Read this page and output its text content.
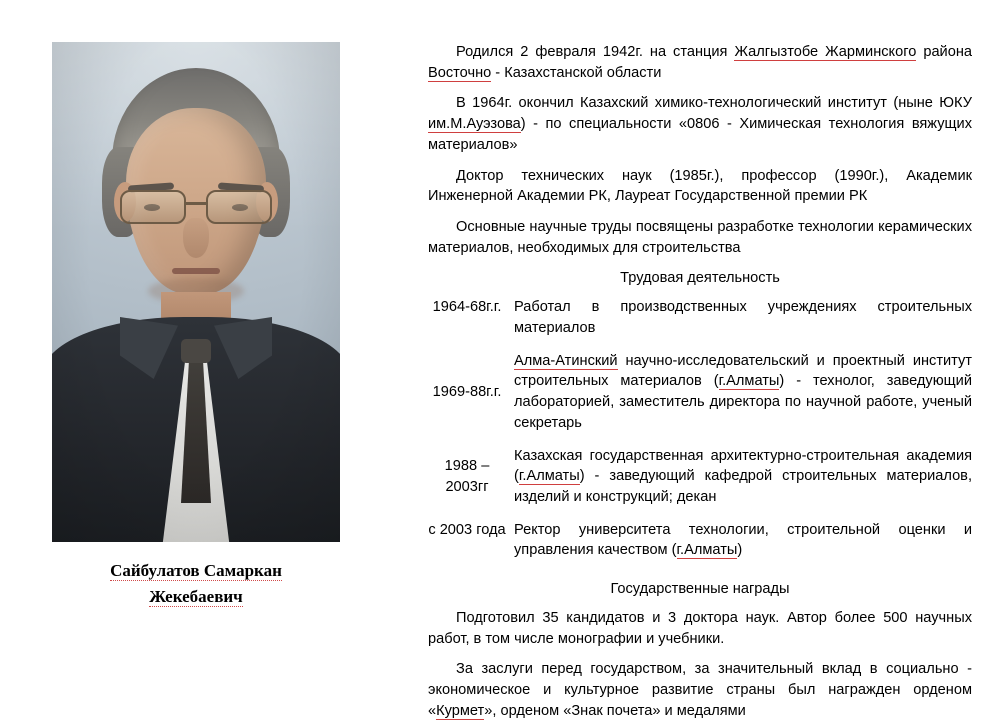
Сайбулатов Самаркан
Жекебаевич

Родился 2 февраля 1942г. на станция Жалгызтобе Жарминского района Восточно - Казахстанской области

В 1964г. окончил Казахский химико-технологический институт (ныне ЮКУ им.М.Ауэзова) - по специальности «0806 - Химическая технология вяжущих материалов»

Доктор технических наук (1985г.), профессор (1990г.), Академик Инженерной Академии РК, Лауреат Государственной премии РК

Основные научные труды посвящены разработке технологии керамических материалов, необходимых для строительства

Трудовая деятельность
1964-68г.г.	Работал в производственных учреждениях строительных материалов
1969-88г.г.	Алма-Атинский научно-исследовательский и проектный институт строительных материалов (г.Алматы) - технолог, заведующий лабораторией, заместитель директора по научной работе, ученый секретарь
1988 – 2003гг	Казахская государственная архитектурно-строительная академия (г.Алматы) - заведующий кафедрой строительных материалов, изделий и конструкций; декан
с 2003 года	Ректор университета технологии, строительной оценки и управления качеством (г.Алматы)
Государственные награды

Подготовил 35 кандидатов и 3 доктора наук. Автор более 500 научных работ, в том числе монографии и учебники.

За заслуги перед государством, за значительный вклад в социально - экономическое и культурное развитие страны был награжден орденом «Курмет», орденом «Знак почета» и медалями
